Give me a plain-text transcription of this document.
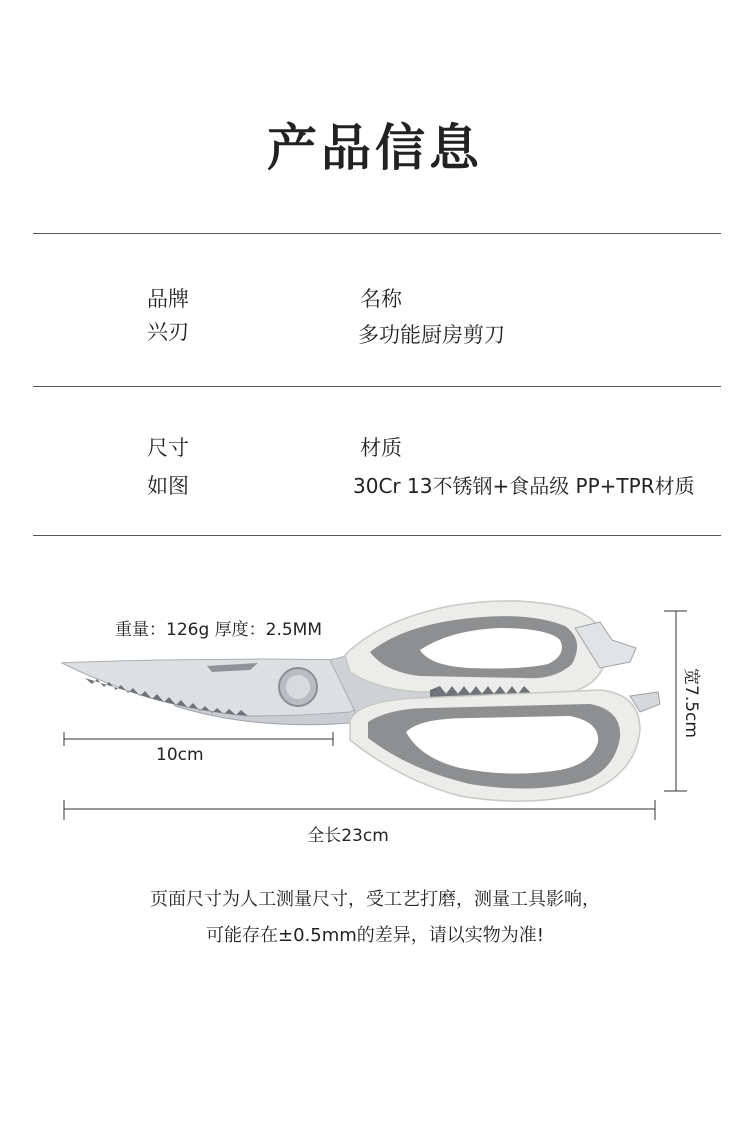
产品信息
品牌
兴刃
名称
多功能厨房剪刀
尺寸
如图
材质
30Cr 13不锈钢+食品级 PP+TPR材质
重量：126g 厚度：2.5MM
10cm
全长23cm
宽7.5cm
页面尺寸为人工测量尺寸，受工艺打磨，测量工具影响，
可能存在±0.5mm的差异，请以实物为准!
